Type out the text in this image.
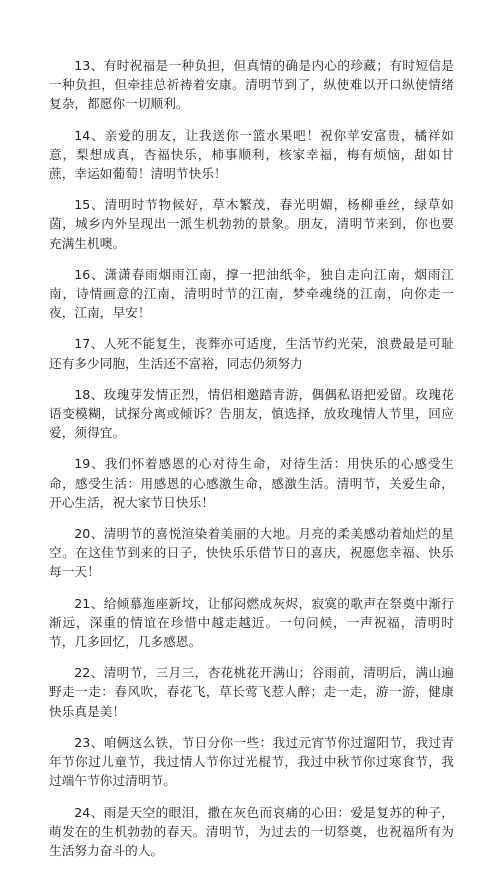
13、有时祝福是一种负担，但真情的确是内心的珍藏；有时短信是一种负担，但牵挂总祈祷着安康。清明节到了，纵使难以开口纵使情绪复杂，都愿你一切顺利。

14、亲爱的朋友，让我送你一篮水果吧！祝你苹安富贵，橘祥如意，梨想成真，杏福快乐，柿事顺利，核家幸福，梅有烦恼，甜如甘蔗，幸运如葡萄！清明节快乐！

15、清明时节物候好，草木繁茂，春光明媚，杨柳垂丝，绿草如茵，城乡内外呈现出一派生机勃勃的景象。朋友，清明节来到，你也要充满生机噢。

16、潇潇春雨烟雨江南，撑一把油纸伞，独自走向江南，烟雨江南，诗情画意的江南，清明时节的江南，梦牵魂绕的江南，向你走一夜，江南，早安！

17、人死不能复生，丧葬亦可适度，生活节约光荣，浪费最是可耻还有多少同胞，生活还不富裕，同志仍须努力

18、玫瑰芽发情正烈，情侣相邀踏青游，偶偶私语把爱留。玫瑰花语变模糊，试探分离或倾诉？告朋友，慎选择，放玫瑰情人节里，回应爱，须得宜。

19、我们怀着感恩的心对待生命，对待生活：用快乐的心感受生命，感受生活：用感恩的心感激生命，感激生活。清明节，关爱生命，开心生活，祝大家节日快乐！

20、清明节的喜悦渲染着美丽的大地。月亮的柔美感动着灿烂的星空。在这佳节到来的日子，快快乐乐借节日的喜庆，祝愿您幸福、快乐每一天！

21、给倾慕迤座新坟，让郁闷燃成灰烬，寂寞的歌声在祭奠中渐行渐远，深重的情谊在珍惜中越走越近。一句问候，一声祝福，清明时节，几多回忆，几多感恩。

22、清明节，三月三，杏花桃花开满山；谷雨前，清明后，满山遍野走一走：春风吹，春花飞，草长莺飞惹人醉；走一走，游一游，健康快乐真是美！

23、咱俩这么铁，节日分你一些：我过元宵节你过遛阳节，我过青年节你过儿童节，我过情人节你过光棍节，我过中秋节你过寒食节，我过端午节你过清明节。

24、雨是天空的眼泪，撒在灰色而哀痛的心田：爱是复苏的种子，萌发在的生机勃勃的春天。清明节，为过去的一切祭奠，也祝福所有为生活努力奋斗的人。
